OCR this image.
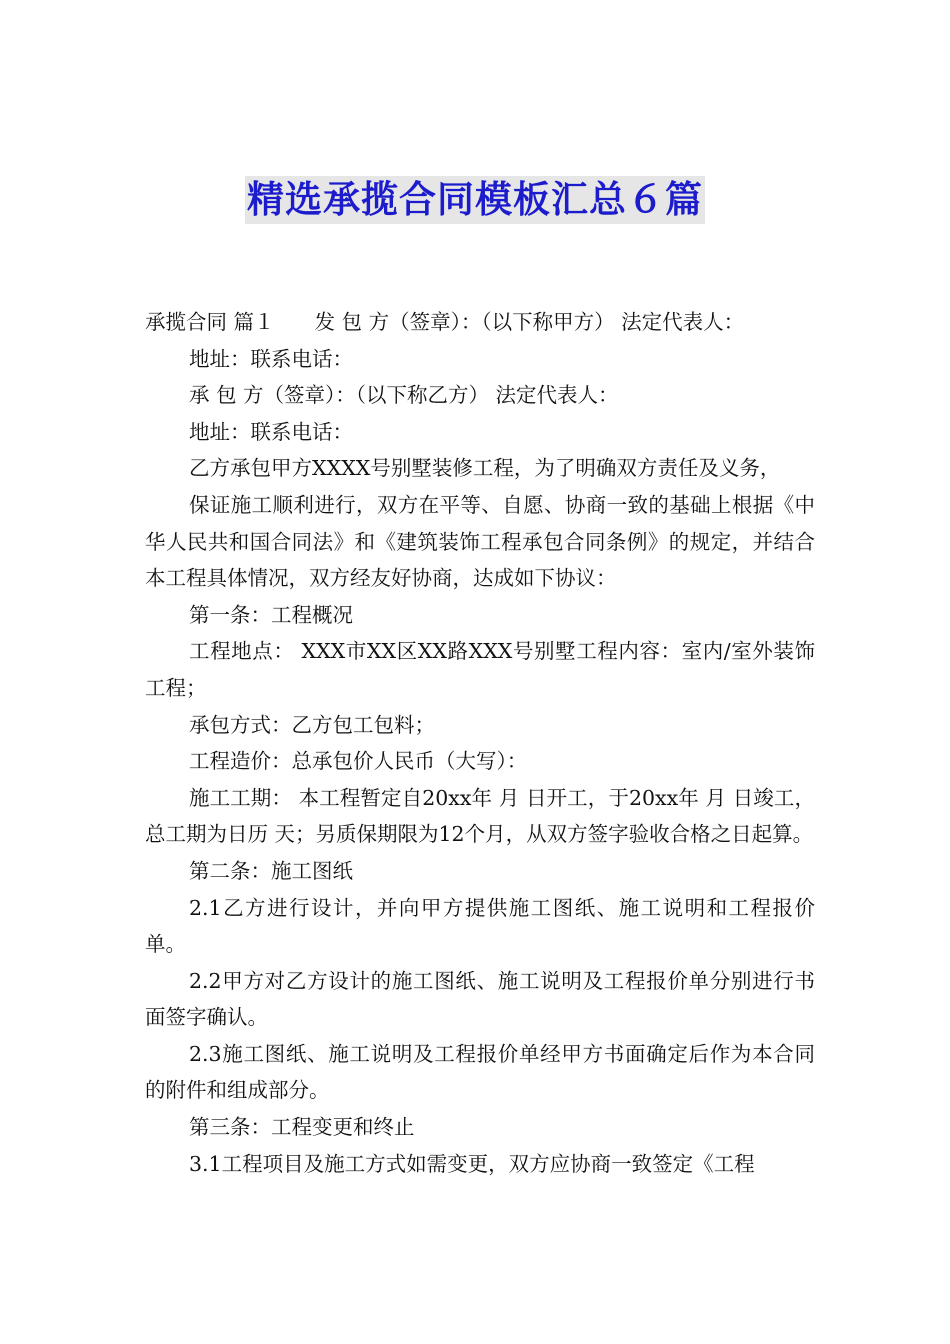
精选承揽合同模板汇总６篇

承揽合同 篇１ 发 包 方（签章）：（以下称甲方） 法定代表人：

地址：联系电话：

承 包 方（签章）：（以下称乙方） 法定代表人：

地址：联系电话：

乙方承包甲方XXXX号别墅装修工程，为了明确双方责任及义务，

保证施工顺利进行，双方在平等、自愿、协商一致的基础上根据《中华人民共和国合同法》和《建筑装饰工程承包合同条例》的规定，并结合本工程具体情况，双方经友好协商，达成如下协议：

第一条：工程概况

工程地点： XXX市XX区XX路XXX号别墅工程内容：室内/室外装饰工程；

承包方式：乙方包工包料；

工程造价：总承包价人民币（大写）：

施工工期： 本工程暂定自20xx年 月 日开工，于20xx年 月 日竣工，总工期为日历 天；另质保期限为12个月，从双方签字验收合格之日起算。

第二条：施工图纸

2.1乙方进行设计，并向甲方提供施工图纸、施工说明和工程报价单。

2.2甲方对乙方设计的施工图纸、施工说明及工程报价单分别进行书面签字确认。

2.3施工图纸、施工说明及工程报价单经甲方书面确定后作为本合同的附件和组成部分。

第三条：工程变更和终止

3.1工程项目及施工方式如需变更，双方应协商一致签定《工程
